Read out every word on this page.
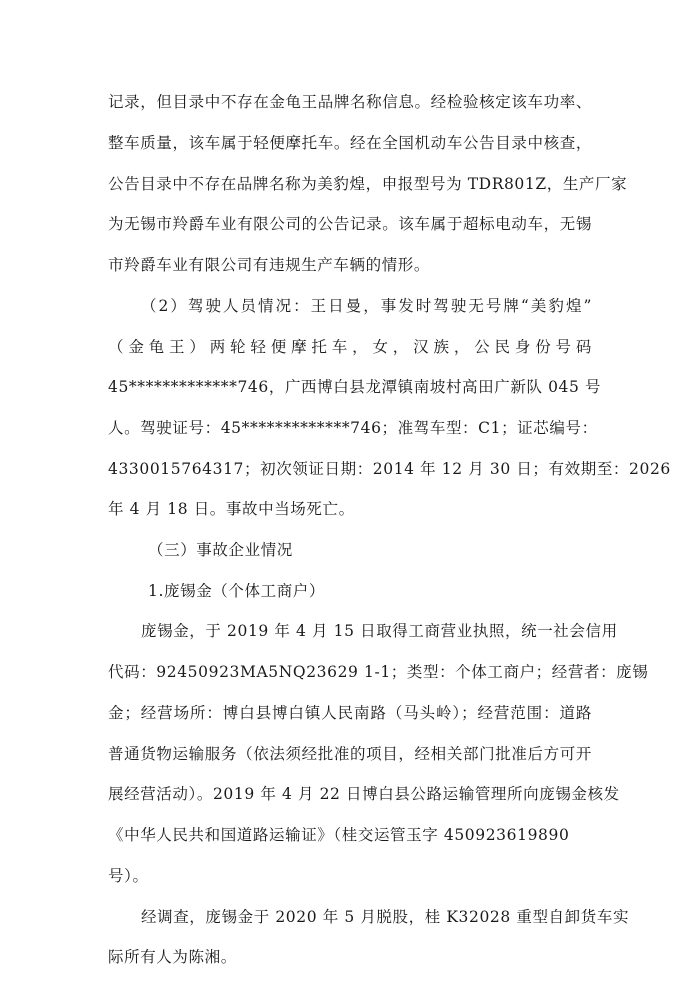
记录，但目录中不存在金龟王品牌名称信息。经检验核定该车功率、
整车质量，该车属于轻便摩托车。经在全国机动车公告目录中核查，
公告目录中不存在品牌名称为美豹煌，申报型号为 TDR801Z，生产厂家
为无锡市羚爵车业有限公司的公告记录。该车属于超标电动车，无锡
市羚爵车业有限公司有违规生产车辆的情形。
（2）驾驶人员情况：王日曼，事发时驾驶无号牌“美豹煌”
（金龟王）两轮轻便摩托车，女，汉族，公民身份号码
45*************746，广西博白县龙潭镇南坡村高田广新队 045 号
人。驾驶证号：45*************746；准驾车型：C1；证芯编号：
4330015764317；初次领证日期：2014 年 12 月 30 日；有效期至：2026
年 4 月 18 日。事故中当场死亡。
（三）事故企业情况
1.庞锡金（个体工商户）
庞锡金，于 2019 年 4 月 15 日取得工商营业执照，统一社会信用
代码：92450923MA5NQ23629 1-1；类型：个体工商户；经营者：庞锡
金；经营场所：博白县博白镇人民南路（马头岭）；经营范围：道路
普通货物运输服务（依法须经批准的项目，经相关部门批准后方可开
展经营活动）。2019 年 4 月 22 日博白县公路运输管理所向庞锡金核发
《中华人民共和国道路运输证》（桂交运管玉字 450923619890
号）。
经调查，庞锡金于 2020 年 5 月脱股，桂 K32028 重型自卸货车实
际所有人为陈湘。
